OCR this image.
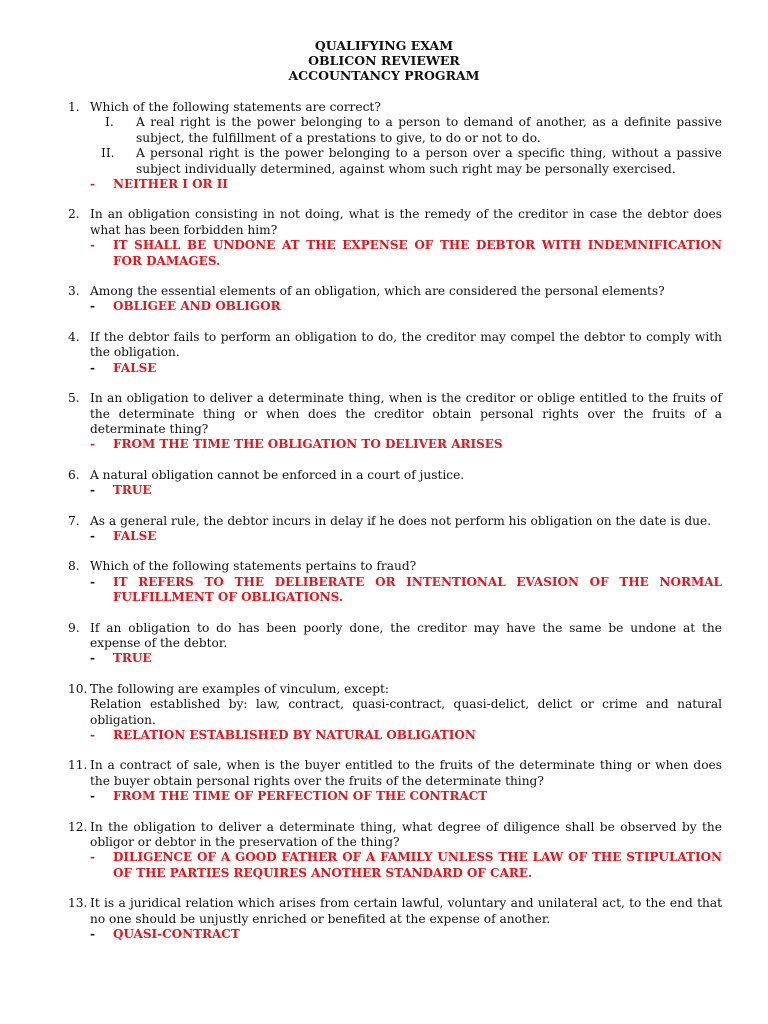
QUALIFYING EXAM
OBLICON REVIEWER
ACCOUNTANCY PROGRAM
1. Which of the following statements are correct?
I. A real right is the power belonging to a person to demand of another, as a definite passive subject, the fulfillment of a prestations to give, to do or not to do.
II. A personal right is the power belonging to a person over a specific thing, without a passive subject individually determined, against whom such right may be personally exercised.
- NEITHER I OR II
2. In an obligation consisting in not doing, what is the remedy of the creditor in case the debtor does what has been forbidden him?
- IT SHALL BE UNDONE AT THE EXPENSE OF THE DEBTOR WITH INDEMNIFICATION FOR DAMAGES.
3. Among the essential elements of an obligation, which are considered the personal elements?
- OBLIGEE AND OBLIGOR
4. If the debtor fails to perform an obligation to do, the creditor may compel the debtor to comply with the obligation.
- FALSE
5. In an obligation to deliver a determinate thing, when is the creditor or oblige entitled to the fruits of the determinate thing or when does the creditor obtain personal rights over the fruits of a determinate thing?
- FROM THE TIME THE OBLIGATION TO DELIVER ARISES
6. A natural obligation cannot be enforced in a court of justice.
- TRUE
7. As a general rule, the debtor incurs in delay if he does not perform his obligation on the date is due.
- FALSE
8. Which of the following statements pertains to fraud?
- IT REFERS TO THE DELIBERATE OR INTENTIONAL EVASION OF THE NORMAL FULFILLMENT OF OBLIGATIONS.
9. If an obligation to do has been poorly done, the creditor may have the same be undone at the expense of the debtor.
- TRUE
10. The following are examples of vinculum, except:
Relation established by: law, contract, quasi-contract, quasi-delict, delict or crime and natural obligation.
- RELATION ESTABLISHED BY NATURAL OBLIGATION
11. In a contract of sale, when is the buyer entitled to the fruits of the determinate thing or when does the buyer obtain personal rights over the fruits of the determinate thing?
- FROM THE TIME OF PERFECTION OF THE CONTRACT
12. In the obligation to deliver a determinate thing, what degree of diligence shall be observed by the obligor or debtor in the preservation of the thing?
- DILIGENCE OF A GOOD FATHER OF A FAMILY UNLESS THE LAW OF THE STIPULATION OF THE PARTIES REQUIRES ANOTHER STANDARD OF CARE.
13. It is a juridical relation which arises from certain lawful, voluntary and unilateral act, to the end that no one should be unjustly enriched or benefited at the expense of another.
- QUASI-CONTRACT
